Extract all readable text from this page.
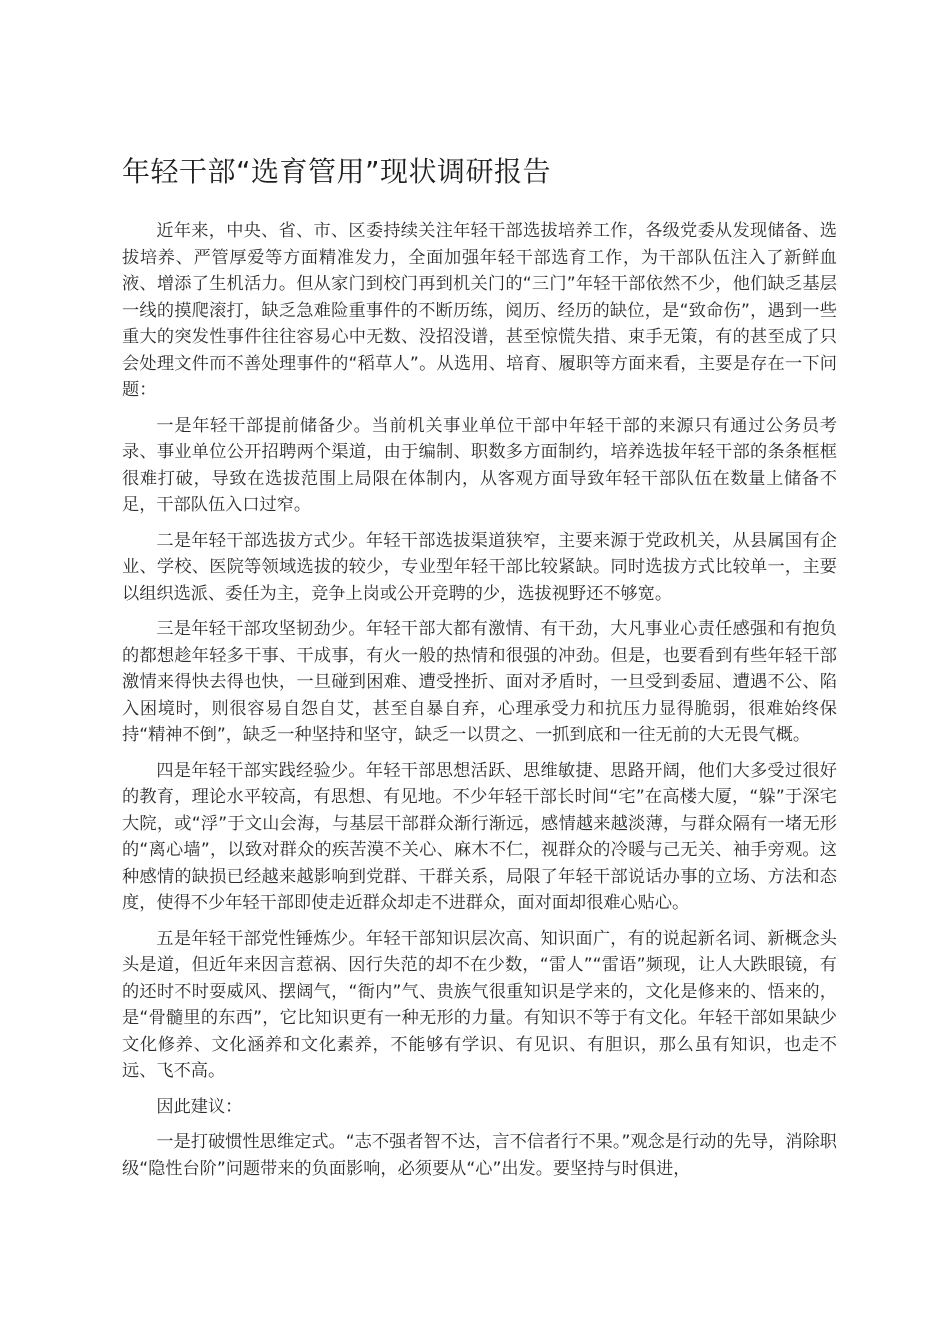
年轻干部“选育管用”现状调研报告

近年来，中央、省、市、区委持续关注年轻干部选拔培养工作，各级党委从发现储备、选拔培养、严管厚爱等方面精准发力，全面加强年轻干部选育工作，为干部队伍注入了新鲜血液、增添了生机活力。但从家门到校门再到机关门的“三门”年轻干部依然不少，他们缺乏基层一线的摸爬滚打，缺乏急难险重事件的不断历练，阅历、经历的缺位，是“致命伤”，遇到一些重大的突发性事件往往容易心中无数、没招没谱，甚至惊慌失措、束手无策，有的甚至成了只会处理文件而不善处理事件的“稻草人”。从选用、培育、履职等方面来看，主要是存在一下问题：

一是年轻干部提前储备少。当前机关事业单位干部中年轻干部的来源只有通过公务员考录、事业单位公开招聘两个渠道，由于编制、职数多方面制约，培养选拔年轻干部的条条框框很难打破，导致在选拔范围上局限在体制内，从客观方面导致年轻干部队伍在数量上储备不足，干部队伍入口过窄。

二是年轻干部选拔方式少。年轻干部选拔渠道狭窄，主要来源于党政机关，从县属国有企业、学校、医院等领域选拔的较少，专业型年轻干部比较紧缺。同时选拔方式比较单一，主要以组织选派、委任为主，竞争上岗或公开竞聘的少，选拔视野还不够宽。

三是年轻干部攻坚韧劲少。年轻干部大都有激情、有干劲，大凡事业心责任感强和有抱负的都想趁年轻多干事、干成事，有火一般的热情和很强的冲劲。但是，也要看到有些年轻干部激情来得快去得也快，一旦碰到困难、遭受挫折、面对矛盾时，一旦受到委屈、遭遇不公、陷入困境时，则很容易自怨自艾，甚至自暴自弃，心理承受力和抗压力显得脆弱，很难始终保持“精神不倒”，缺乏一种坚持和坚守，缺乏一以贯之、一抓到底和一往无前的大无畏气概。

四是年轻干部实践经验少。年轻干部思想活跃、思维敏捷、思路开阔，他们大多受过很好的教育，理论水平较高，有思想、有见地。不少年轻干部长时间“宅”在高楼大厦，“躲”于深宅大院，或“浮”于文山会海，与基层干部群众渐行渐远，感情越来越淡薄，与群众隔有一堵无形的“离心墙”，以致对群众的疾苦漠不关心、麻木不仁，视群众的冷暖与己无关、袖手旁观。这种感情的缺损已经越来越影响到党群、干群关系，局限了年轻干部说话办事的立场、方法和态度，使得不少年轻干部即使走近群众却走不进群众，面对面却很难心贴心。

五是年轻干部党性锤炼少。年轻干部知识层次高、知识面广，有的说起新名词、新概念头头是道，但近年来因言惹祸、因行失范的却不在少数，“雷人”“雷语”频现，让人大跌眼镜，有的还时不时耍威风、摆阔气，“衙内”气、贵族气很重知识是学来的，文化是修来的、悟来的，是“骨髓里的东西”，它比知识更有一种无形的力量。有知识不等于有文化。年轻干部如果缺少文化修养、文化涵养和文化素养，不能够有学识、有见识、有胆识，那么虽有知识，也走不远、飞不高。

因此建议：

一是打破惯性思维定式。“志不强者智不达，言不信者行不果。”观念是行动的先导，消除职级“隐性台阶”问题带来的负面影响，必须要从“心”出发。要坚持与时俱进，
